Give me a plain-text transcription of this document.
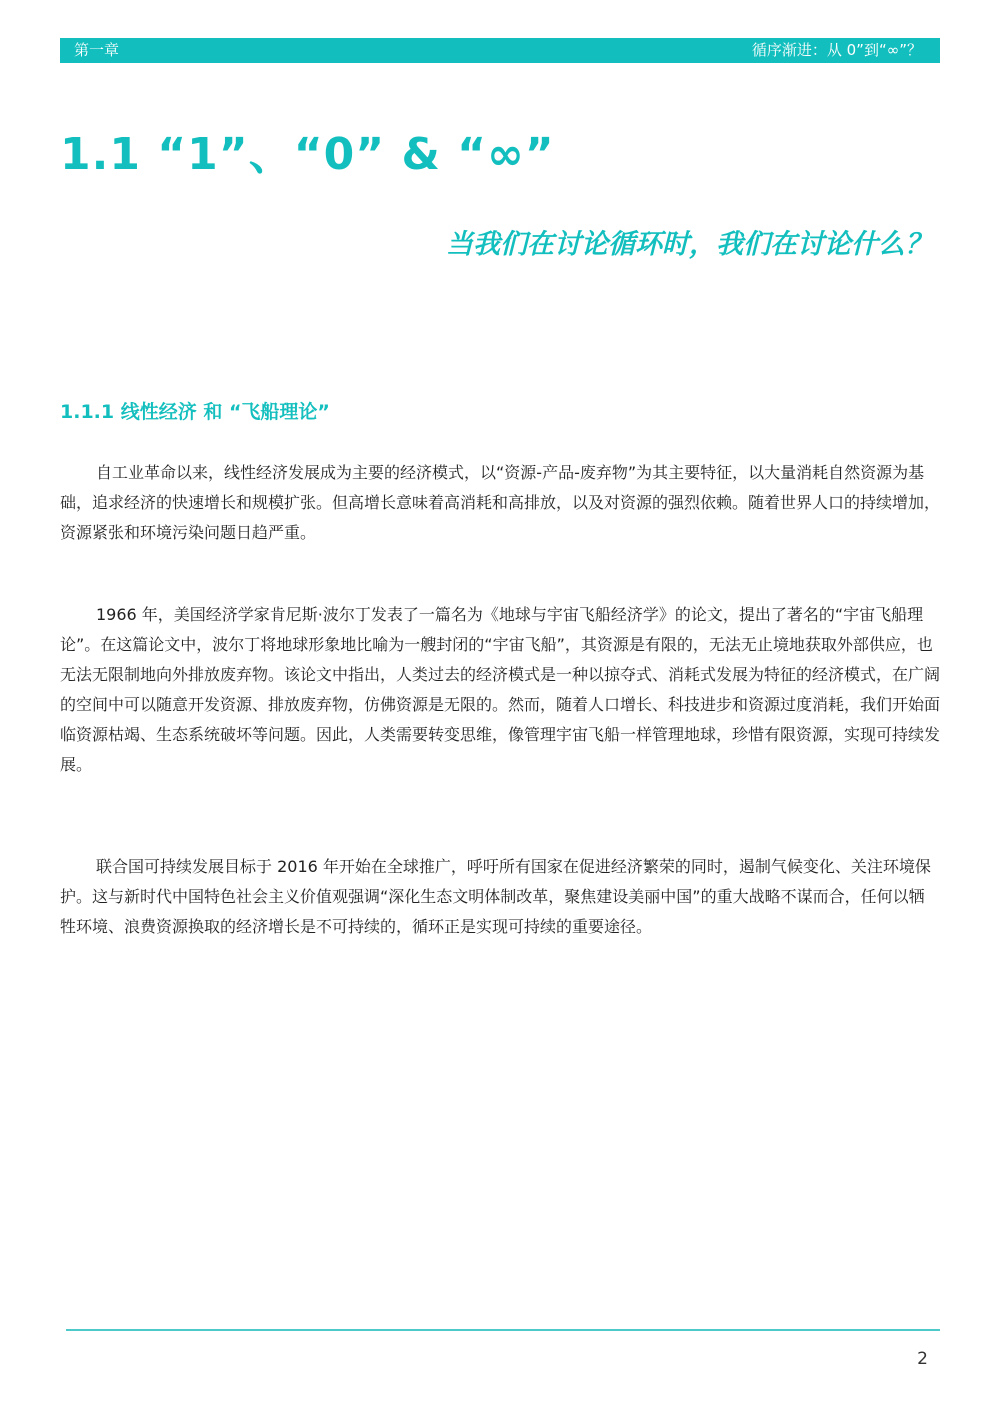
第一章	循序渐进：从 0”到“∞”？
1.1 “1”、“0” & “∞”
当我们在讨论循环时，我们在讨论什么？
1.1.1 线性经济 和 “飞船理论”

自工业革命以来，线性经济发展成为主要的经济模式，以“资源-产品-废弃物”为其主要特征，以大量消耗自然资源为基础，追求经济的快速增长和规模扩张。但高增长意味着高消耗和高排放，以及对资源的强烈依赖。随着世界人口的持续增加，资源紧张和环境污染问题日趋严重。

1966 年，美国经济学家肯尼斯·波尔丁发表了一篇名为《地球与宇宙飞船经济学》的论文，提出了著名的“宇宙飞船理论”。在这篇论文中，波尔丁将地球形象地比喻为一艘封闭的“宇宙飞船”，其资源是有限的，无法无止境地获取外部供应，也无法无限制地向外排放废弃物。该论文中指出，人类过去的经济模式是一种以掠夺式、消耗式发展为特征的经济模式，在广阔的空间中可以随意开发资源、排放废弃物，仿佛资源是无限的。然而，随着人口增长、科技进步和资源过度消耗，我们开始面临资源枯竭、生态系统破坏等问题。因此，人类需要转变思维，像管理宇宙飞船一样管理地球，珍惜有限资源，实现可持续发展。

联合国可持续发展目标于 2016 年开始在全球推广，呼吁所有国家在促进经济繁荣的同时，遏制气候变化、关注环境保护。这与新时代中国特色社会主义价值观强调“深化生态文明体制改革，聚焦建设美丽中国”的重大战略不谋而合，任何以牺牲环境、浪费资源换取的经济增长是不可持续的，循环正是实现可持续的重要途径。

2
